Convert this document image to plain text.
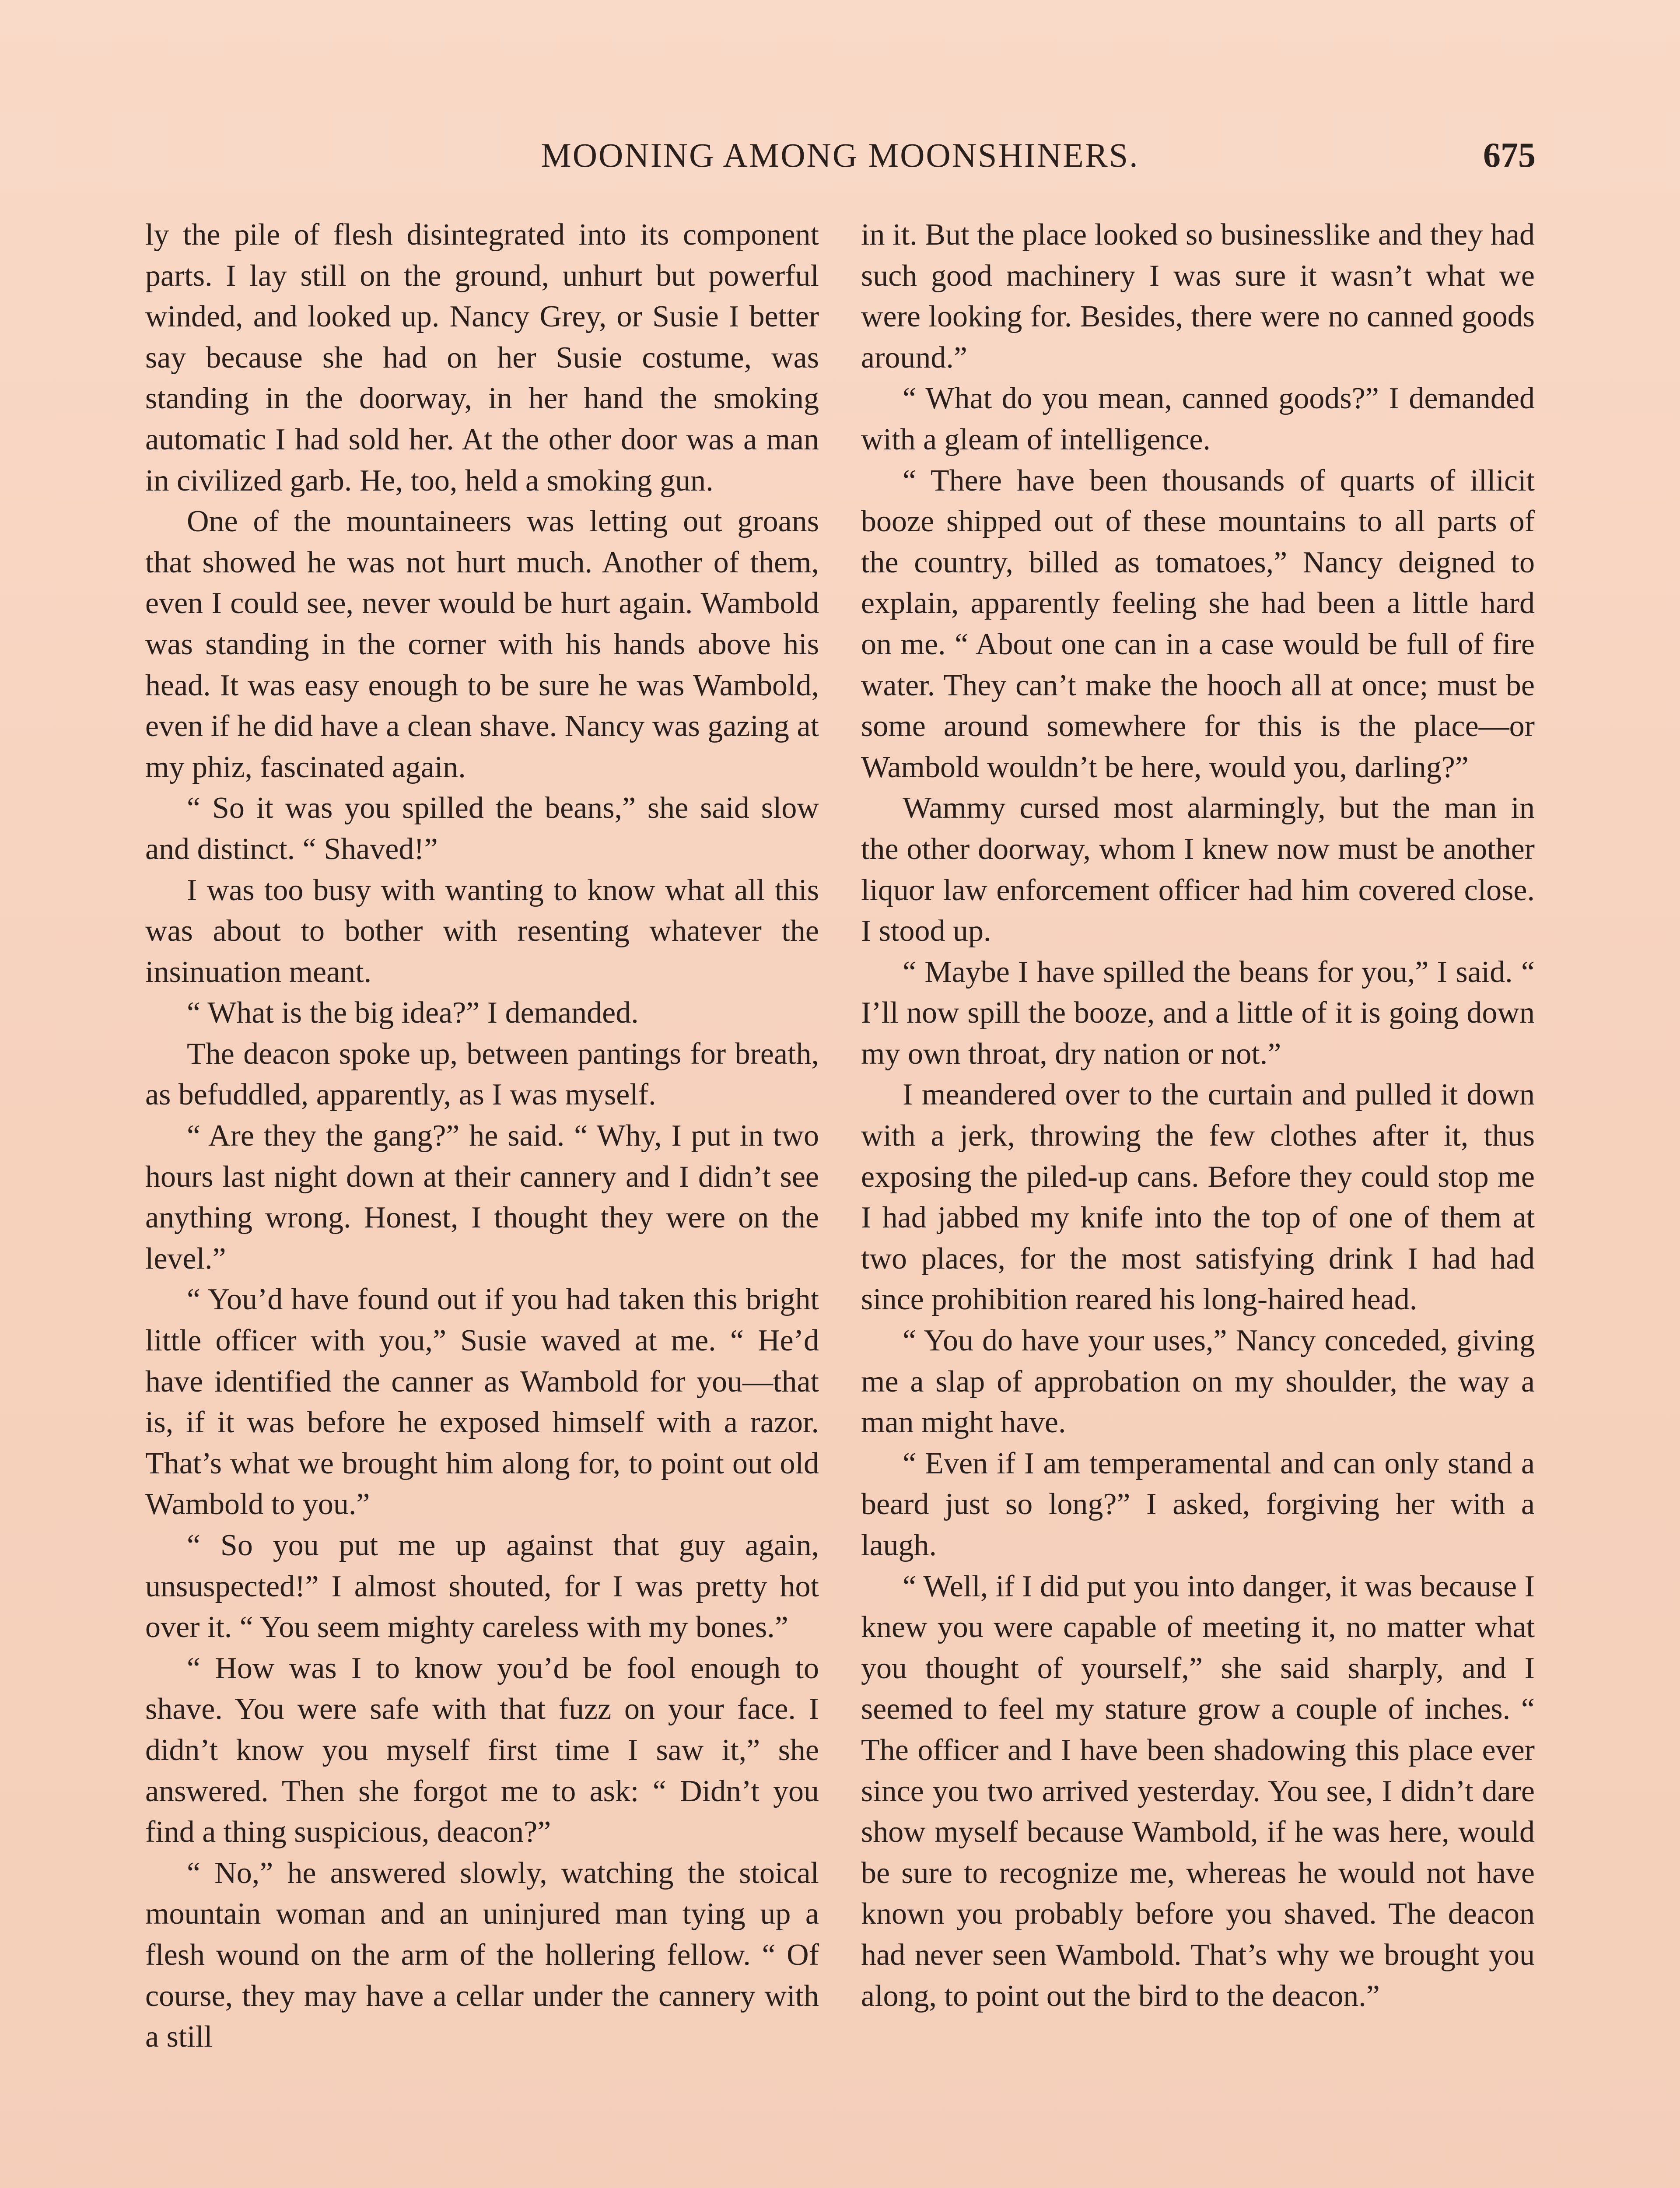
MOONING AMONG MOONSHINERS.	675

ly the pile of flesh disintegrated into its component parts. I lay still on the ground, unhurt but powerful winded, and looked up. Nancy Grey, or Susie I better say because she had on her Susie costume, was standing in the doorway, in her hand the smoking automatic I had sold her. At the other door was a man in civilized garb. He, too, held a smoking gun.

One of the mountaineers was letting out groans that showed he was not hurt much. Another of them, even I could see, never would be hurt again. Wambold was standing in the corner with his hands above his head. It was easy enough to be sure he was Wambold, even if he did have a clean shave. Nancy was gazing at my phiz, fascinated again.

“ So it was you spilled the beans,” she said slow and distinct. “ Shaved!”

I was too busy with wanting to know what all this was about to bother with resenting whatever the insinuation meant.

“ What is the big idea?” I demanded.

The deacon spoke up, between pantings for breath, as befuddled, apparently, as I was myself.

“ Are they the gang?” he said. “ Why, I put in two hours last night down at their cannery and I didn’t see anything wrong. Honest, I thought they were on the level.”

“ You’d have found out if you had taken this bright little officer with you,” Susie waved at me. “ He’d have identified the canner as Wambold for you—that is, if it was before he exposed himself with a razor. That’s what we brought him along for, to point out old Wambold to you.”

“ So you put me up against that guy again, unsuspected!” I almost shouted, for I was pretty hot over it. “ You seem mighty careless with my bones.”

“ How was I to know you’d be fool enough to shave. You were safe with that fuzz on your face. I didn’t know you myself first time I saw it,” she answered. Then she forgot me to ask: “ Didn’t you find a thing suspicious, deacon?”

“ No,” he answered slowly, watching the stoical mountain woman and an uninjured man tying up a flesh wound on the arm of the hollering fellow. “ Of course, they may have a cellar under the cannery with a still

in it. But the place looked so businesslike and they had such good machinery I was sure it wasn’t what we were looking for. Besides, there were no canned goods around.”

“ What do you mean, canned goods?” I demanded with a gleam of intelligence.

“ There have been thousands of quarts of illicit booze shipped out of these mountains to all parts of the country, billed as tomatoes,” Nancy deigned to explain, apparently feeling she had been a little hard on me. “ About one can in a case would be full of fire water. They can’t make the hooch all at once; must be some around somewhere for this is the place—or Wambold wouldn’t be here, would you, darling?”

Wammy cursed most alarmingly, but the man in the other doorway, whom I knew now must be another liquor law enforcement officer had him covered close. I stood up.

“ Maybe I have spilled the beans for you,” I said. “ I’ll now spill the booze, and a little of it is going down my own throat, dry nation or not.”

I meandered over to the curtain and pulled it down with a jerk, throwing the few clothes after it, thus exposing the piled-up cans. Before they could stop me I had jabbed my knife into the top of one of them at two places, for the most satisfying drink I had had since prohibition reared his long-haired head.

“ You do have your uses,” Nancy conceded, giving me a slap of approbation on my shoulder, the way a man might have.

“ Even if I am temperamental and can only stand a beard just so long?” I asked, forgiving her with a laugh.

“ Well, if I did put you into danger, it was because I knew you were capable of meeting it, no matter what you thought of yourself,” she said sharply, and I seemed to feel my stature grow a couple of inches. “ The officer and I have been shadowing this place ever since you two arrived yesterday. You see, I didn’t dare show myself because Wambold, if he was here, would be sure to recognize me, whereas he would not have known you probably before you shaved. The deacon had never seen Wambold. That’s why we brought you along, to point out the bird to the deacon.”
